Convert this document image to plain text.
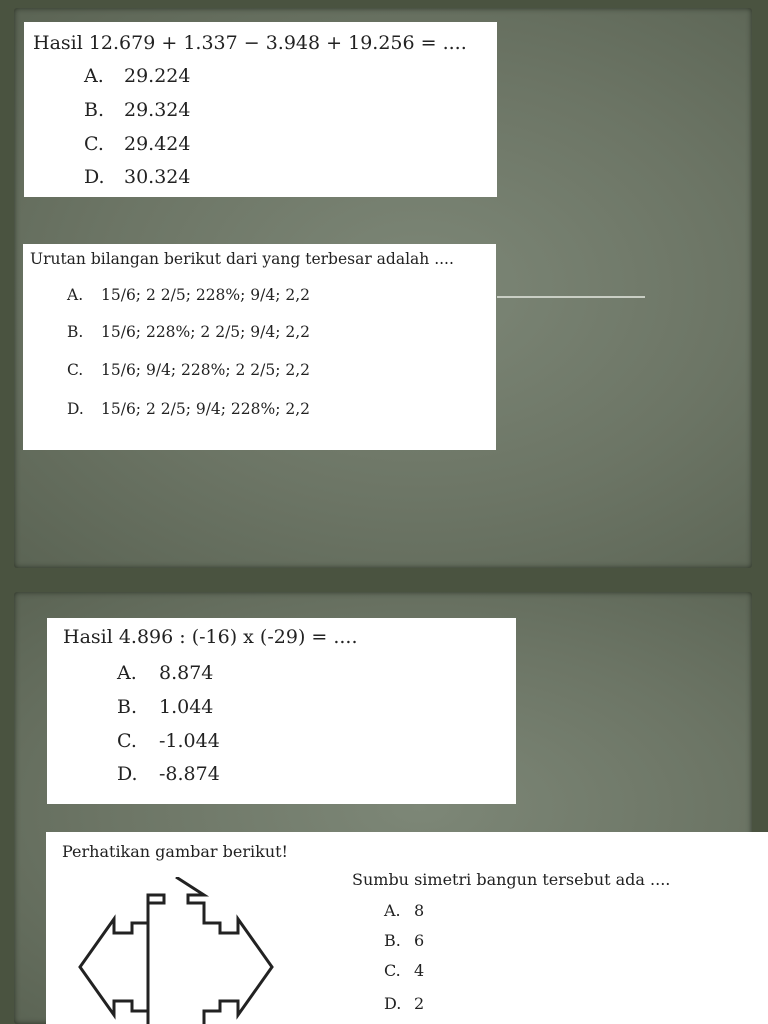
Hasil 12.679 + 1.337 − 3.948 + 19.256 = ....
A. 29.224
B. 29.324
C. 29.424
D. 30.324
Urutan bilangan berikut dari yang terbesar adalah ....
A. 15/6; 2 2/5; 228%; 9/4; 2,2
B. 15/6; 228%; 2 2/5; 9/4; 2,2
C. 15/6; 9/4; 228%; 2 2/5; 2,2
D. 15/6; 2 2/5; 9/4; 228%; 2,2
Hasil 4.896 : (-16) x (-29) = ....
A. 8.874
B. 1.044
C. -1.044
D. -8.874
Perhatikan gambar berikut!
Sumbu simetri bangun tersebut ada ....
A. 8
B. 6
C. 4
D. 2
